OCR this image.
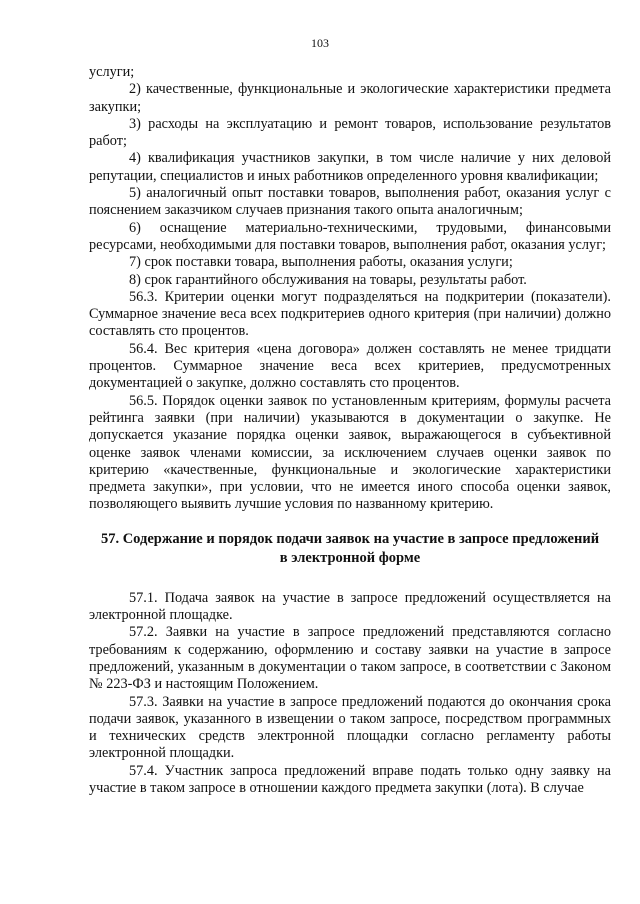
103

услуги;

2) качественные, функциональные и экологические характеристики предмета закупки;

3) расходы на эксплуатацию и ремонт товаров, использование результатов работ;

4) квалификация участников закупки, в том числе наличие у них деловой репутации, специалистов и иных работников определенного уровня квалификации;

5) аналогичный опыт поставки товаров, выполнения работ, оказания услуг с пояснением заказчиком случаев признания такого опыта аналогичным;

6) оснащение материально-техническими, трудовыми, финансовыми ресурсами, необходимыми для поставки товаров, выполнения работ, оказания услуг;

7) срок поставки товара, выполнения работы, оказания услуги;

8) срок гарантийного обслуживания на товары, результаты работ.

56.3. Критерии оценки могут подразделяться на подкритерии (показатели). Суммарное значение веса всех подкритериев одного критерия (при наличии) должно составлять сто процентов.

56.4. Вес критерия «цена договора» должен составлять не менее тридцати процентов. Суммарное значение веса всех критериев, предусмотренных документацией о закупке, должно составлять сто процентов.

56.5. Порядок оценки заявок по установленным критериям, формулы расчета рейтинга заявки (при наличии) указываются в документации о закупке. Не допускается указание порядка оценки заявок, выражающегося в субъективной оценке заявок членами комиссии, за исключением случаев оценки заявок по критерию «качественные, функциональные и экологические характеристики предмета закупки», при условии, что не имеется иного способа оценки заявок, позволяющего выявить лучшие условия по названному критерию.

57. Содержание и порядок подачи заявок на участие в запросе предложений в электронной форме

57.1. Подача заявок на участие в запросе предложений осуществляется на электронной площадке.

57.2. Заявки на участие в запросе предложений представляются согласно требованиям к содержанию, оформлению и составу заявки на участие в запросе предложений, указанным в документации о таком запросе, в соответствии с Законом № 223-ФЗ и настоящим Положением.

57.3. Заявки на участие в запросе предложений подаются до окончания срока подачи заявок, указанного в извещении о таком запросе, посредством программных и технических средств электронной площадки согласно регламенту работы электронной площадки.

57.4. Участник запроса предложений вправе подать только одну заявку на участие в таком запросе в отношении каждого предмета закупки (лота). В случае
